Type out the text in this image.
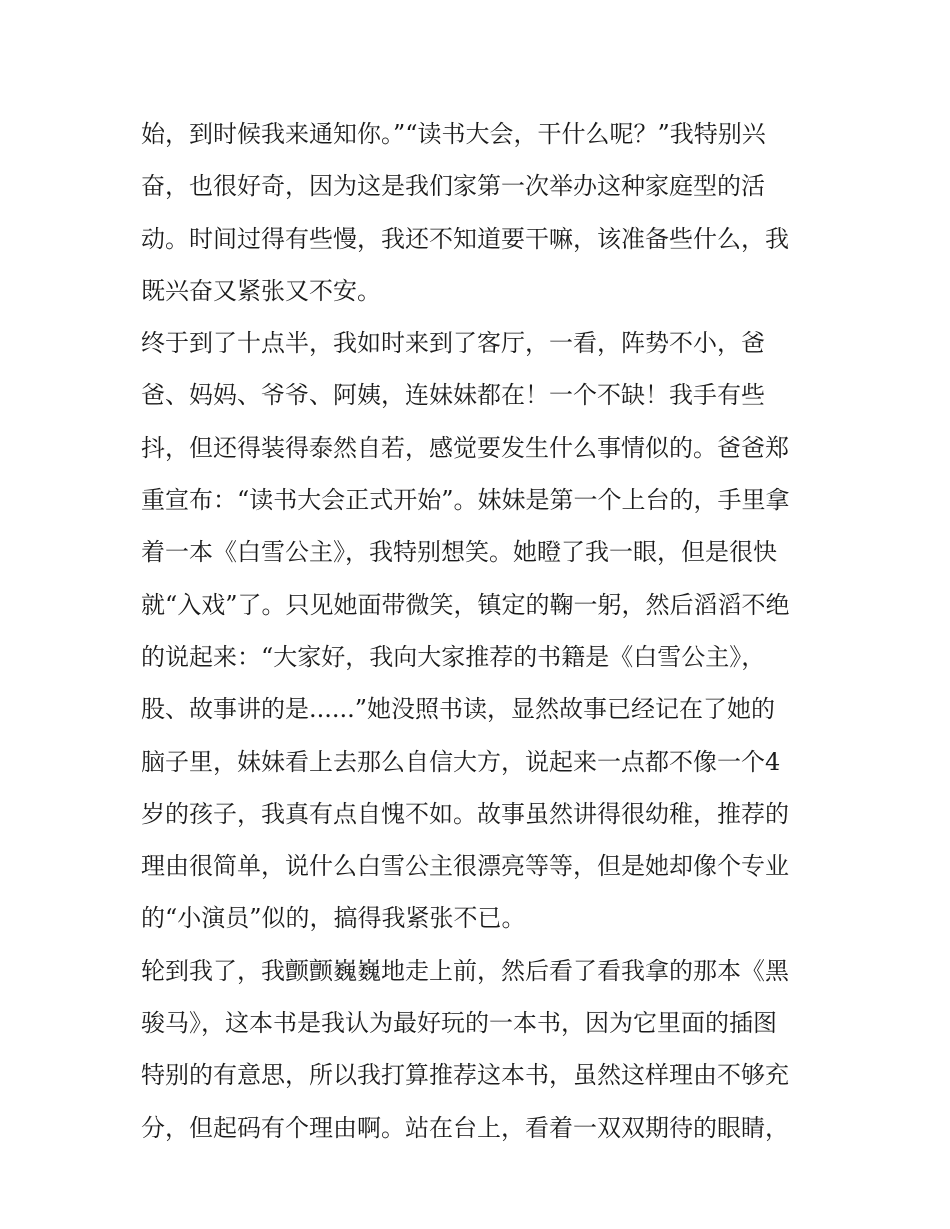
始，到时候我来通知你。”“读书大会，干什么呢？”我特别兴
奋，也很好奇，因为这是我们家第一次举办这种家庭型的活
动。时间过得有些慢，我还不知道要干嘛，该准备些什么，我
既兴奋又紧张又不安。
终于到了十点半，我如时来到了客厅，一看，阵势不小，爸
爸、妈妈、爷爷、阿姨，连妹妹都在！一个不缺！我手有些
抖，但还得装得泰然自若，感觉要发生什么事情似的。爸爸郑
重宣布：“读书大会正式开始”。妹妹是第一个上台的，手里拿
着一本《白雪公主》，我特别想笑。她瞪了我一眼，但是很快
就“入戏”了。只见她面带微笑，镇定的鞠一躬，然后滔滔不绝
的说起来：“大家好，我向大家推荐的书籍是《白雪公主》，
股、故事讲的是......”她没照书读，显然故事已经记在了她的
脑子里，妹妹看上去那么自信大方，说起来一点都不像一个4
岁的孩子，我真有点自愧不如。故事虽然讲得很幼稚，推荐的
理由很简单，说什么白雪公主很漂亮等等，但是她却像个专业
的“小演员”似的，搞得我紧张不已。
轮到我了，我颤颤巍巍地走上前，然后看了看我拿的那本《黑
骏马》，这本书是我认为最好玩的一本书，因为它里面的插图
特别的有意思，所以我打算推荐这本书，虽然这样理由不够充
分，但起码有个理由啊。站在台上，看着一双双期待的眼睛，
